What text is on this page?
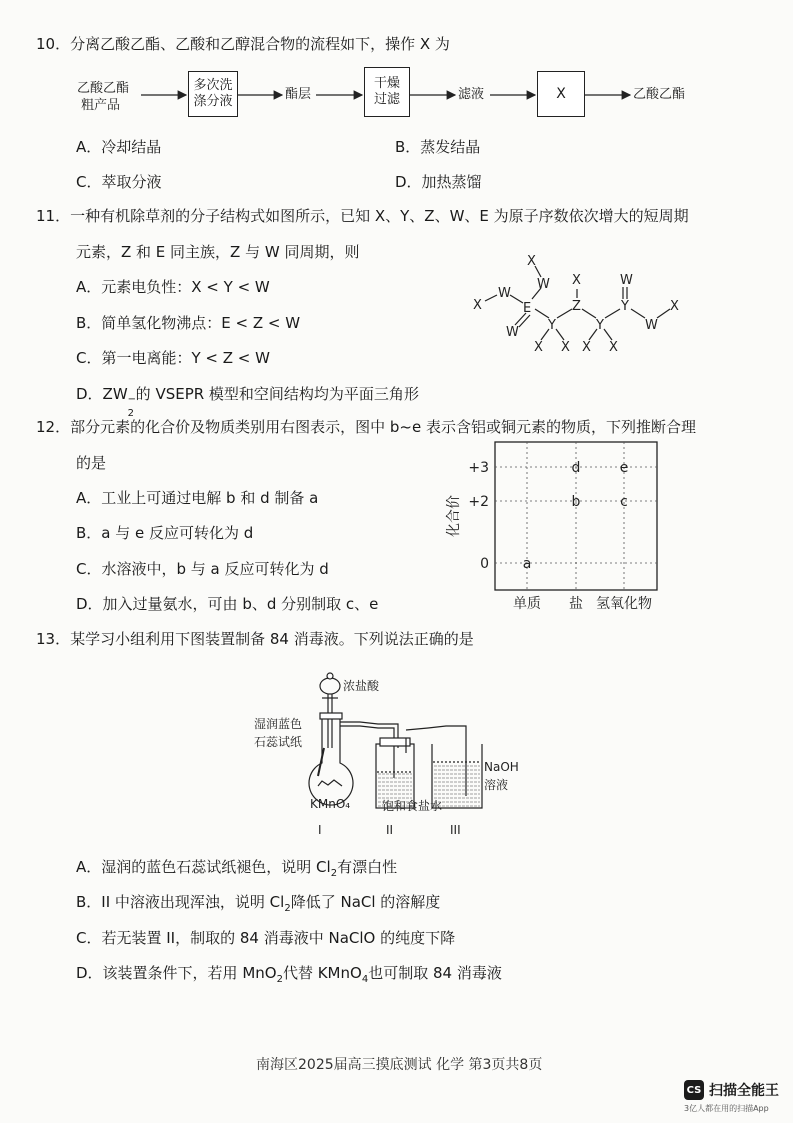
10．分离乙酸乙酯、乙酸和乙醇混合物的流程如下，操作 X 为
乙酸乙酯
粗产品
多次洗
涤分液	酯层
干燥
过滤	滤液	X	乙酸乙酯
A．冷却结晶	B．蒸发结晶
C．萃取分液	D．加热蒸馏
11．一种有机除草剂的分子结构式如图所示，已知 X、Y、Z、W、E 为原子序数依次增大的短周期
元素，Z 和 E 同主族，Z 与 W 同周期，则
A．元素电负性：X < Y < W
B．简单氢化物沸点：E < Z < W
C．第一电离能：Y < Z < W
D．ZW −
2
的 VSEPR 模型和空间结构均为平面三角形
X
W
X
W
E
W Y
Z
X
Y
Y
W
W
X
X X X X
12．部分元素的化合价及物质类别用右图表示，图中 b~e 表示含铝或铜元素的物质，下列推断合理
的是
A．工业上可通过电解 b 和 d 制备 a
B．a 与 e 反应可转化为 d
C．水溶液中，b 与 a 反应可转化为 d
D．加入过量氨水，可由 b、d 分别制取 c、e	单质 盐 氢氧化物
+3
+2
0 a
b	c
d	e
化合价
13．某学习小组利用下图装置制备 84 消毒液。下列说法正确的是
浓盐酸
湿润蓝色
石蕊试纸
KMnO₄	饱和食盐水
NaOH
溶液
I	II	III
A．湿润的蓝色石蕊试纸褪色，说明 $Cl_2$有漂白性
B．II 中溶液出现浑浊，说明 $Cl_2$降低了 NaCl 的溶解度
C．若无装置 II，制取的 84 消毒液中 NaClO 的纯度下降
D．该装置条件下，若用 MnO$_2$代替 KMnO$_4$也可制取 84 消毒液
南海区2025届高三摸底测试 化学 第3页共8页
CS 扫描全能王
3亿人都在用的扫描App
